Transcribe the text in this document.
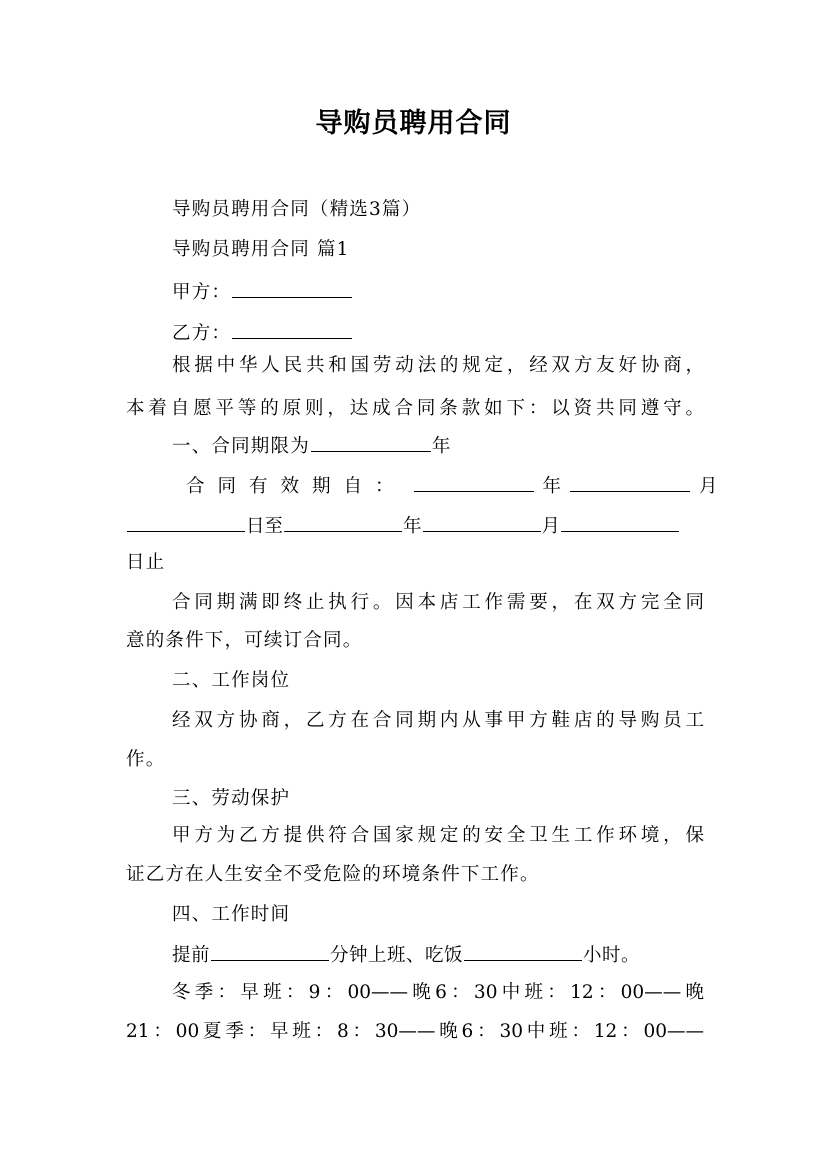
导购员聘用合同
导购员聘用合同（精选3篇）
导购员聘用合同 篇1
甲方：
乙方：
根据中华人民共和国劳动法的规定，经双方友好协商，
本着自愿平等的原则，达成合同条款如下：以资共同遵守。
一、合同期限为	年
合同有效期自：	年	月
日至	年	月
日止
合同期满即终止执行。因本店工作需要，在双方完全同
意的条件下，可续订合同。
二、工作岗位
经双方协商，乙方在合同期内从事甲方鞋店的导购员工
作。
三、劳动保护
甲方为乙方提供符合国家规定的安全卫生工作环境，保
证乙方在人生安全不受危险的环境条件下工作。
四、工作时间
提前	分钟上班、吃饭	小时。
冬季：早班：9：00——晚6：30中班：12：00——晚
21：00夏季：早班：8：30——晚6：30中班：12：00——
